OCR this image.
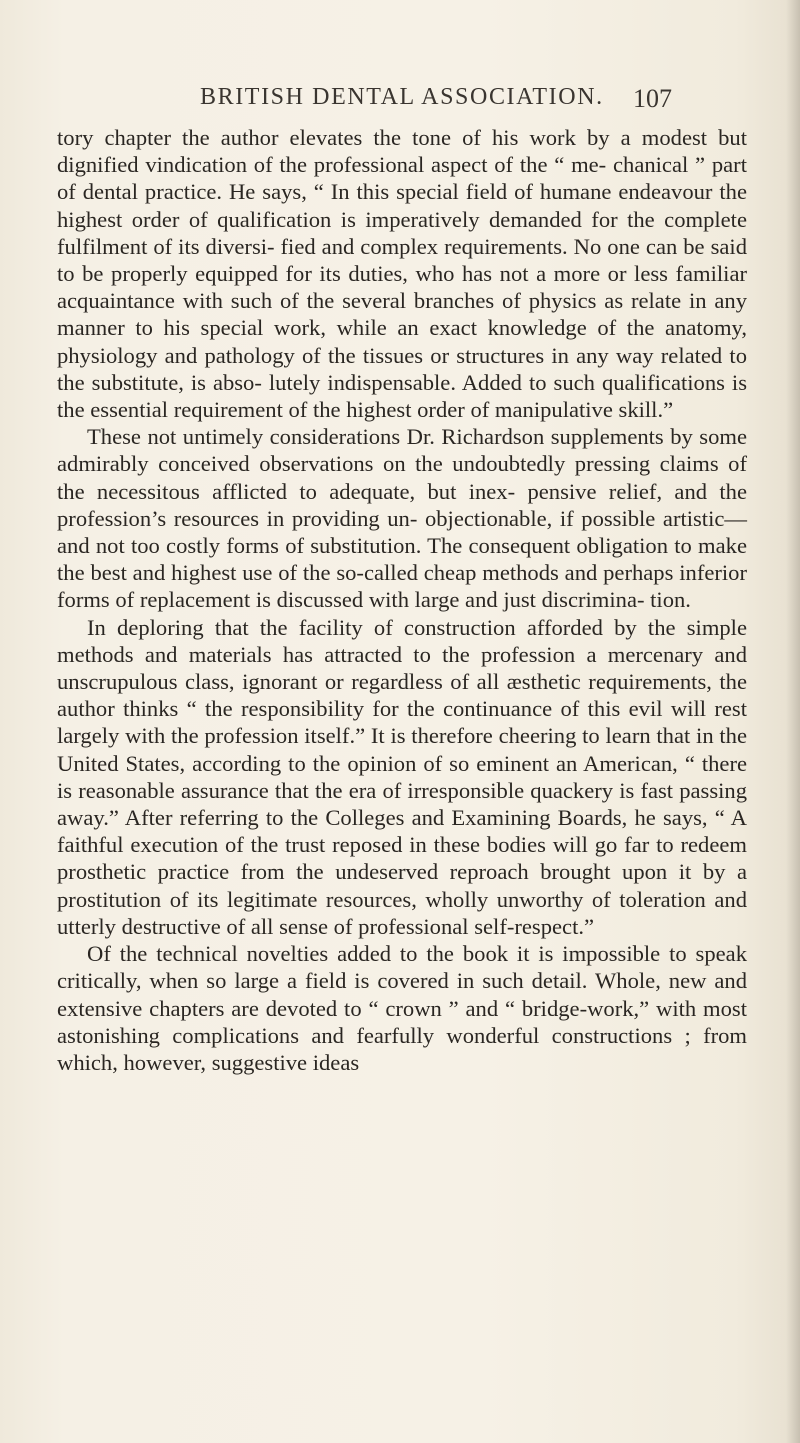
BRITISH DENTAL ASSOCIATION. 107

tory chapter the author elevates the tone of his work by a modest but dignified vindication of the professional aspect of the “ me- chanical ” part of dental practice. He says, “ In this special field of humane endeavour the highest order of qualification is imperatively demanded for the complete fulfilment of its diversi- fied and complex requirements. No one can be said to be properly equipped for its duties, who has not a more or less familiar acquaintance with such of the several branches of physics as relate in any manner to his special work, while an exact knowledge of the anatomy, physiology and pathology of the tissues or structures in any way related to the substitute, is abso- lutely indispensable. Added to such qualifications is the essential requirement of the highest order of manipulative skill.”

These not untimely considerations Dr. Richardson supplements by some admirably conceived observations on the undoubtedly pressing claims of the necessitous afflicted to adequate, but inex- pensive relief, and the profession’s resources in providing un- objectionable, if possible artistic—and not too costly forms of substitution. The consequent obligation to make the best and highest use of the so-called cheap methods and perhaps inferior forms of replacement is discussed with large and just discrimina- tion.

In deploring that the facility of construction afforded by the simple methods and materials has attracted to the profession a mercenary and unscrupulous class, ignorant or regardless of all æsthetic requirements, the author thinks “ the responsibility for the continuance of this evil will rest largely with the profession itself.” It is therefore cheering to learn that in the United States, according to the opinion of so eminent an American, “ there is reasonable assurance that the era of irresponsible quackery is fast passing away.” After referring to the Colleges and Examining Boards, he says, “ A faithful execution of the trust reposed in these bodies will go far to redeem prosthetic practice from the undeserved reproach brought upon it by a prostitution of its legitimate resources, wholly unworthy of toleration and utterly destructive of all sense of professional self-respect.”

Of the technical novelties added to the book it is impossible to speak critically, when so large a field is covered in such detail. Whole, new and extensive chapters are devoted to “ crown ” and “ bridge-work,” with most astonishing complications and fearfully wonderful constructions ; from which, however, suggestive ideas
